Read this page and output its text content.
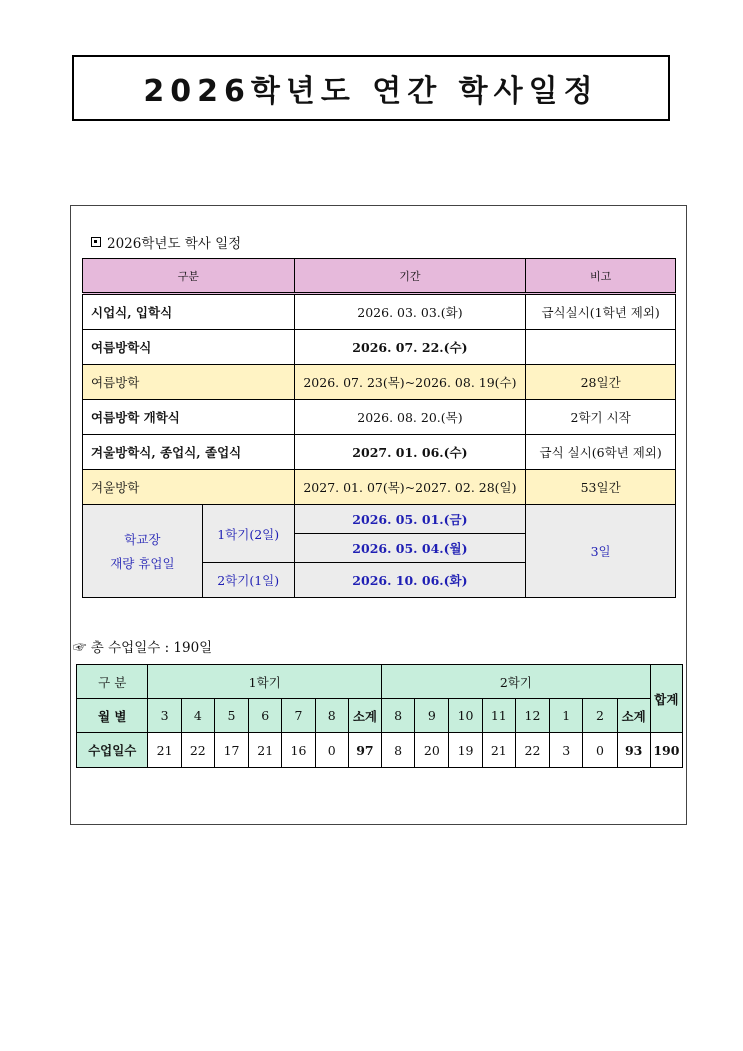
2026학년도 연간 학사일정
2026학년도 학사 일정
구분		기간	비고
시업식, 입학식		2026. 03. 03.(화)	급식실시(1학년 제외)
여름방학식		2026. 07. 22.(수)	
여름방학		2026. 07. 23(목)~2026. 08. 19(수)	28일간
여름방학 개학식		2026. 08. 20.(목)	2학기 시작
겨울방학식, 종업식, 졸업식		2027. 01. 06.(수)	급식 실시(6학년 제외)
겨울방학		2027. 01. 07(목)~2027. 02. 28(일)	53일간

학교장
재량 휴업일	1학기(2일)	2026. 05. 01.(금)	3일
		2026. 05. 04.(월)	
	2학기(1일)	2026. 10. 06.(화)	
☞ 총 수업일수 : 190일
구 분	1학기							2학기								합계
월 별	3	4	5	6	7	8	소계	8	9	10	11	12	1	2	소계	
수업일수	21	22	17	21	16	0	97	8	20	19	21	22	3	0	93	190
